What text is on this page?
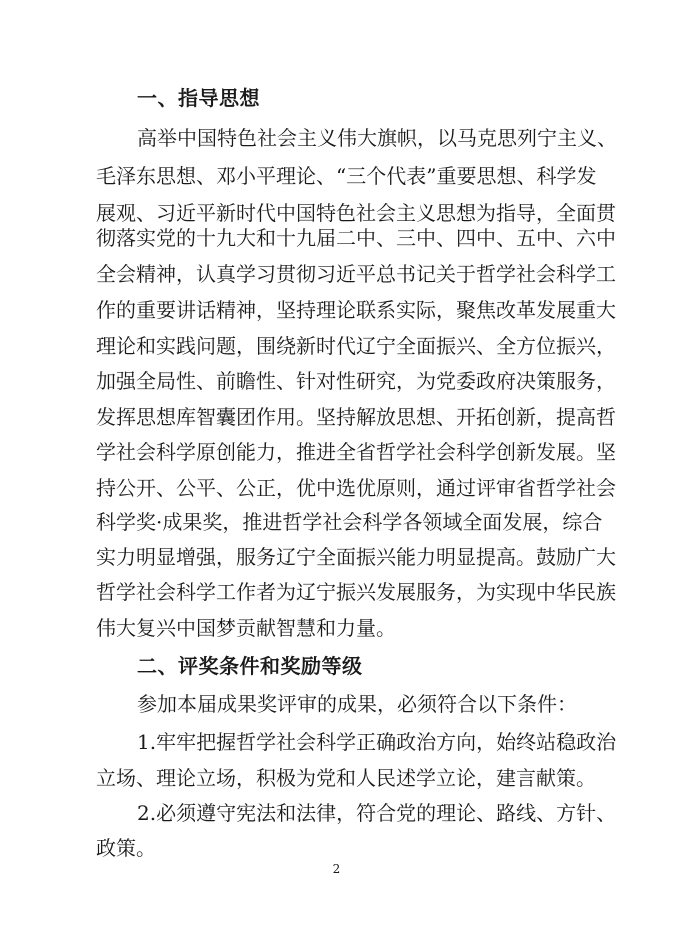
一、指导思想
高举中国特色社会主义伟大旗帜，以马克思列宁主义、
毛泽东思想、邓小平理论、“三个代表”重要思想、科学发
展观、习近平新时代中国特色社会主义思想为指导，全面贯
彻落实党的十九大和十九届二中、三中、四中、五中、六中
全会精神，认真学习贯彻习近平总书记关于哲学社会科学工
作的重要讲话精神，坚持理论联系实际，聚焦改革发展重大
理论和实践问题，围绕新时代辽宁全面振兴、全方位振兴，
加强全局性、前瞻性、针对性研究，为党委政府决策服务，
发挥思想库智囊团作用。坚持解放思想、开拓创新，提高哲
学社会科学原创能力，推进全省哲学社会科学创新发展。坚
持公开、公平、公正，优中选优原则，通过评审省哲学社会
科学奖·成果奖，推进哲学社会科学各领域全面发展，综合
实力明显增强，服务辽宁全面振兴能力明显提高。鼓励广大
哲学社会科学工作者为辽宁振兴发展服务，为实现中华民族
伟大复兴中国梦贡献智慧和力量。
二、评奖条件和奖励等级
参加本届成果奖评审的成果，必须符合以下条件：
1.牢牢把握哲学社会科学正确政治方向，始终站稳政治
立场、理论立场，积极为党和人民述学立论，建言献策。
2.必须遵守宪法和法律，符合党的理论、路线、方针、
政策。
2
